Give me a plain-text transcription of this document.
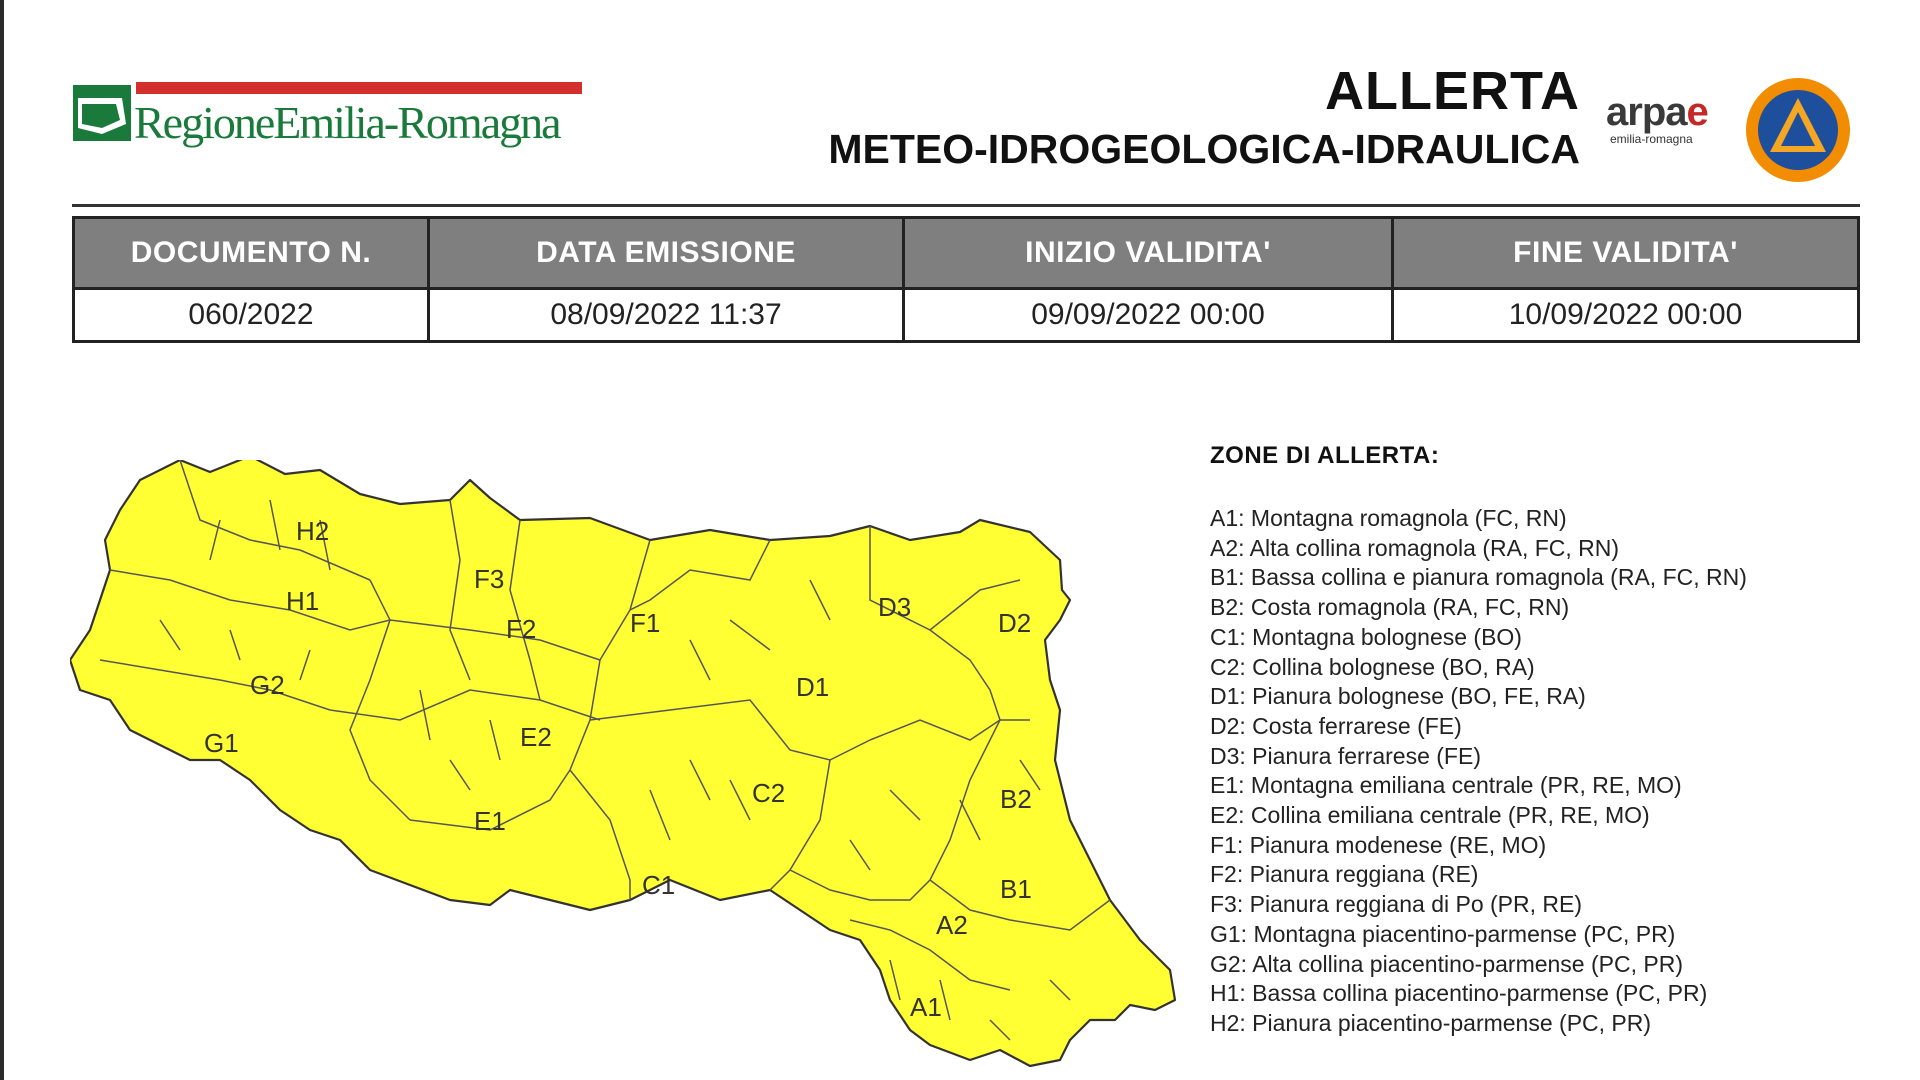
RegioneEmilia-Romagna
ALLERTA
METEO-IDROGEOLOGICA-IDRAULICA
arpae
emilia-romagna
DOCUMENTO N.	DATA EMISSIONE	INIZIO VALIDITA'	FINE VALIDITA'
060/2022	08/09/2022 11:37	09/09/2022 00:00	10/09/2022 00:00
H2
H1
G2
G1
F3
F2	F1
E2
E1
D3
D2
D1
C2
C1
B2
B1
A2
A1
ZONE DI ALLERTA:
A1: Montagna romagnola (FC, RN)
A2: Alta collina romagnola (RA, FC, RN)
B1: Bassa collina e pianura romagnola (RA, FC, RN)
B2: Costa romagnola (RA, FC, RN)
C1: Montagna bolognese (BO)
C2: Collina bolognese (BO, RA)
D1: Pianura bolognese (BO, FE, RA)
D2: Costa ferrarese (FE)
D3: Pianura ferrarese (FE)
E1: Montagna emiliana centrale (PR, RE, MO)
E2: Collina emiliana centrale (PR, RE, MO)
F1: Pianura modenese (RE, MO)
F2: Pianura reggiana (RE)
F3: Pianura reggiana di Po (PR, RE)
G1: Montagna piacentino-parmense (PC, PR)
G2: Alta collina piacentino-parmense (PC, PR)
H1: Bassa collina piacentino-parmense (PC, PR)
H2: Pianura piacentino-parmense (PC, PR)
